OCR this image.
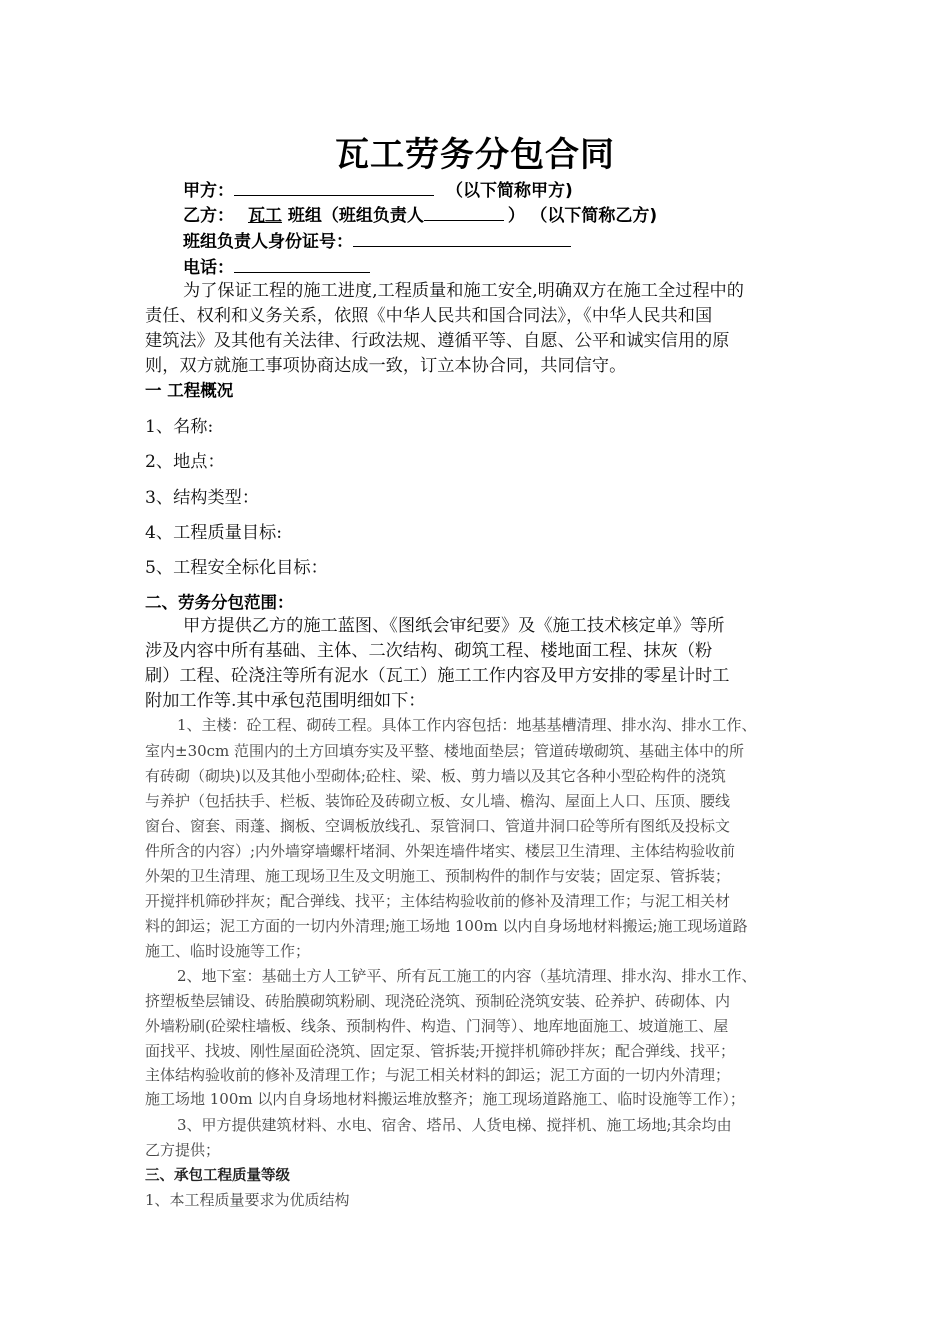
瓦工劳务分包合同
甲方：	（以下简称甲方)
乙方： 瓦工 班组（班组负责人	） （以下简称乙方)
班组负责人身份证号：
电话：
为了保证工程的施工进度,工程质量和施工安全,明确双方在施工全过程中的
责任、权利和义务关系，依照《中华人民共和国合同法》，《中华人民共和国
建筑法》及其他有关法律、行政法规、遵循平等、自愿、公平和诚实信用的原
则，双方就施工事项协商达成一致，订立本协合同，共同信守。
一 工程概况
1、名称:
2、地点：
3、结构类型：
4、工程质量目标:
5、工程安全标化目标：
二、劳务分包范围：
甲方提供乙方的施工蓝图、《图纸会审纪要》及《施工技术核定单》等所
涉及内容中所有基础、主体、二次结构、砌筑工程、楼地面工程、抹灰（粉
刷）工程、砼浇注等所有泥水（瓦工）施工工作内容及甲方安排的零星计时工
附加工作等.其中承包范围明细如下：
1、主楼：砼工程、砌砖工程。具体工作内容包括：地基基槽清理、排水沟、排水工作、
室内±30cm 范围内的土方回填夯实及平整、楼地面垫层；管道砖墩砌筑、基础主体中的所
有砖砌（砌块)以及其他小型砌体;砼柱、梁、板、剪力墙以及其它各种小型砼构件的浇筑
与养护（包括扶手、栏板、装饰砼及砖砌立板、女儿墙、檐沟、屋面上人口、压顶、腰线
窗台、窗套、雨蓬、搁板、空调板放线孔、泵管洞口、管道井洞口砼等所有图纸及投标文
件所含的内容）;内外墙穿墙螺杆堵洞、外架连墙件堵实、楼层卫生清理、主体结构验收前
外架的卫生清理、施工现场卫生及文明施工、预制构件的制作与安装；固定泵、管拆装；
开搅拌机筛砂拌灰；配合弹线、找平；主体结构验收前的修补及清理工作；与泥工相关材
料的卸运；泥工方面的一切内外清理;施工场地 100m 以内自身场地材料搬运;施工现场道路
施工、临时设施等工作；
2、地下室：基础土方人工铲平、所有瓦工施工的内容（基坑清理、排水沟、排水工作、
挤塑板垫层铺设、砖胎膜砌筑粉刷、现浇砼浇筑、预制砼浇筑安装、砼养护、砖砌体、内
外墙粉刷(砼梁柱墙板、线条、预制构件、构造、门洞等）、地库地面施工、坡道施工、屋
面找平、找坡、刚性屋面砼浇筑、固定泵、管拆装;开搅拌机筛砂拌灰；配合弹线、找平；
主体结构验收前的修补及清理工作；与泥工相关材料的卸运；泥工方面的一切内外清理；
施工场地 100m 以内自身场地材料搬运堆放整齐；施工现场道路施工、临时设施等工作）；
3、甲方提供建筑材料、水电、宿舍、塔吊、人货电梯、搅拌机、施工场地;其余均由
乙方提供；
三、承包工程质量等级
1、本工程质量要求为优质结构
